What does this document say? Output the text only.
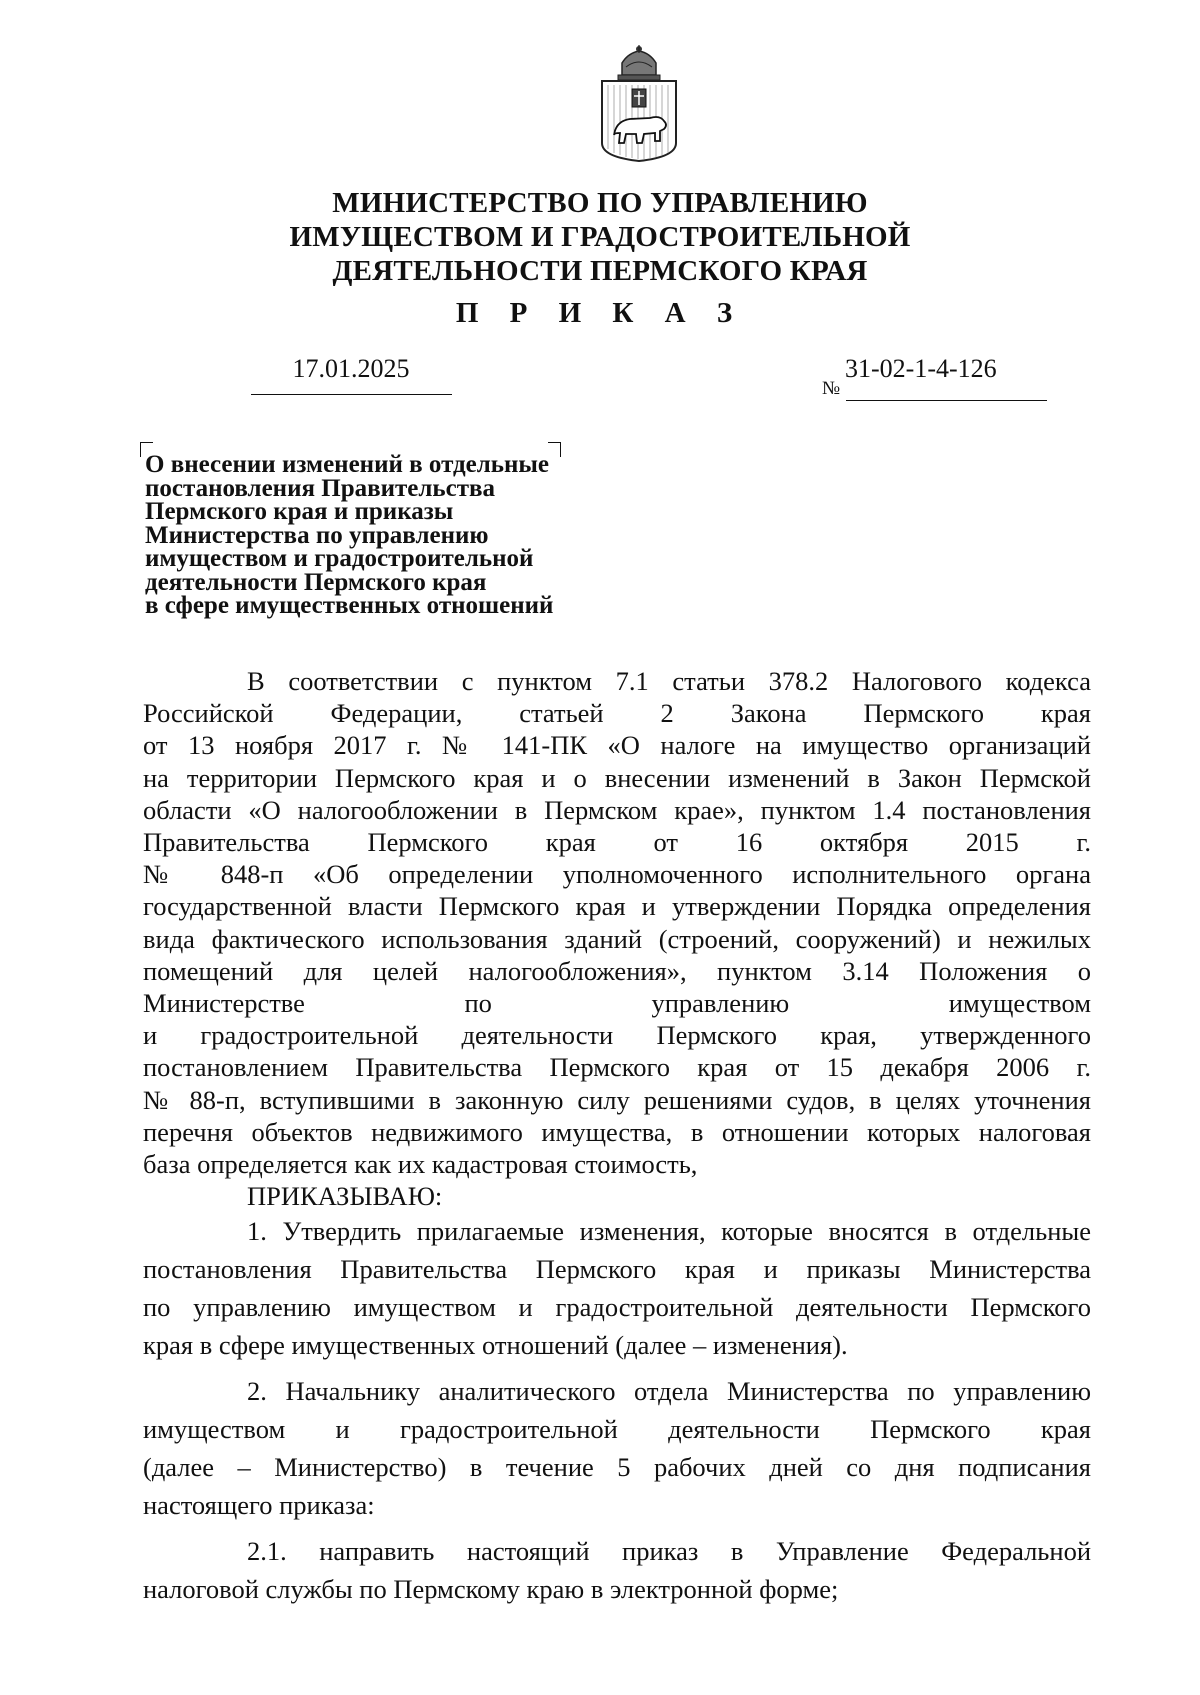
МИНИСТЕРСТВО ПО УПРАВЛЕНИЮ
ИМУЩЕСТВОМ И ГРАДОСТРОИТЕЛЬНОЙ
ДЕЯТЕЛЬНОСТИ ПЕРМСКОГО КРАЯ
П Р И К А З
17.01.2025
№
31-02-1-4-126
О внесении изменений в отдельные
постановления Правительства
Пермского края и приказы
Министерства по управлению
имуществом и градостроительной
деятельности Пермского края
в сфере имущественных отношений
В соответствии с пунктом 7.1 статьи 378.2 Налогового кодекса
Российской Федерации, статьей 2 Закона Пермского края
от 13 ноября 2017 г. № 141-ПК «О налоге на имущество организаций
на территории Пермского края и о внесении изменений в Закон Пермской
области «О налогообложении в Пермском крае», пунктом 1.4 постановления
Правительства Пермского края от 16 октября 2015 г.
№ 848-п «Об определении уполномоченного исполнительного органа
государственной власти Пермского края и утверждении Порядка определения
вида фактического использования зданий (строений, сооружений) и нежилых
помещений для целей налогообложения», пунктом 3.14 Положения о
Министерстве по управлению имуществом
и градостроительной деятельности Пермского края, утвержденного
постановлением Правительства Пермского края от 15 декабря 2006 г.
№ 88-п, вступившими в законную силу решениями судов, в целях уточнения
перечня объектов недвижимого имущества, в отношении которых налоговая
база определяется как их кадастровая стоимость,
ПРИКАЗЫВАЮ:
1. Утвердить прилагаемые изменения, которые вносятся в отдельные
постановления Правительства Пермского края и приказы Министерства
по управлению имуществом и градостроительной деятельности Пермского
края в сфере имущественных отношений (далее – изменения).
2. Начальнику аналитического отдела Министерства по управлению
имуществом и градостроительной деятельности Пермского края
(далее – Министерство) в течение 5 рабочих дней со дня подписания
настоящего приказа:
2.1. направить настоящий приказ в Управление Федеральной
налоговой службы по Пермскому краю в электронной форме;
